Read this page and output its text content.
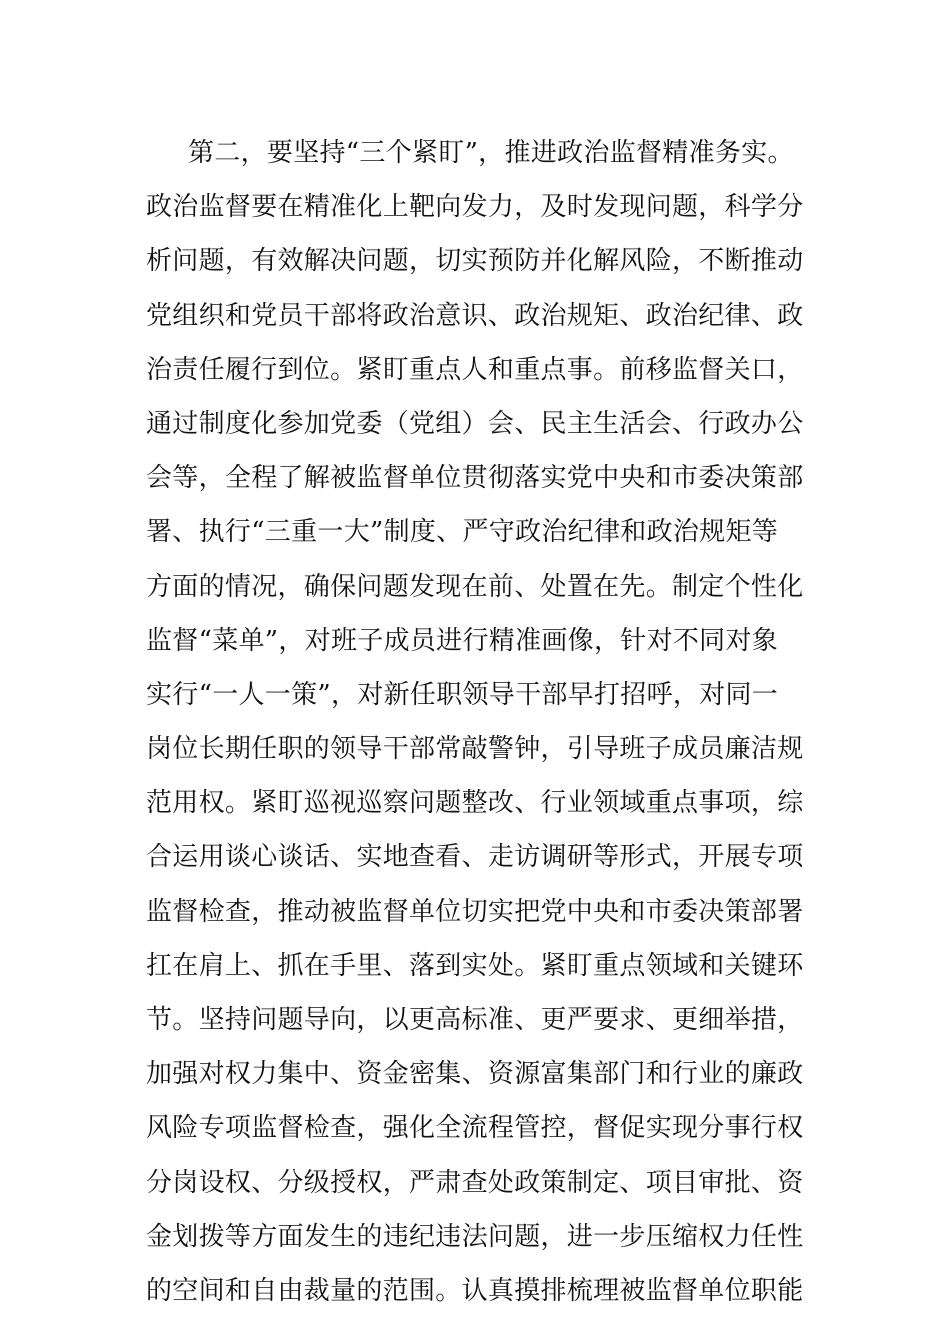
第二，要坚持“三个紧盯”，推进政治监督精准务实。
政治监督要在精准化上靶向发力，及时发现问题，科学分
析问题，有效解决问题，切实预防并化解风险，不断推动
党组织和党员干部将政治意识、政治规矩、政治纪律、政
治责任履行到位。紧盯重点人和重点事。前移监督关口，
通过制度化参加党委（党组）会、民主生活会、行政办公
会等，全程了解被监督单位贯彻落实党中央和市委决策部
署、执行“三重一大”制度、严守政治纪律和政治规矩等
方面的情况，确保问题发现在前、处置在先。制定个性化
监督“菜单”，对班子成员进行精准画像，针对不同对象
实行“一人一策”，对新任职领导干部早打招呼，对同一
岗位长期任职的领导干部常敲警钟，引导班子成员廉洁规
范用权。紧盯巡视巡察问题整改、行业领域重点事项，综
合运用谈心谈话、实地查看、走访调研等形式，开展专项
监督检查，推动被监督单位切实把党中央和市委决策部署
扛在肩上、抓在手里、落到实处。紧盯重点领域和关键环
节。坚持问题导向，以更高标准、更严要求、更细举措，
加强对权力集中、资金密集、资源富集部门和行业的廉政
风险专项监督检查，强化全流程管控，督促实现分事行权
分岗设权、分级授权，严肃查处政策制定、项目审批、资
金划拨等方面发生的违纪违法问题，进一步压缩权力任性
的空间和自由裁量的范围。认真摸排梳理被监督单位职能
